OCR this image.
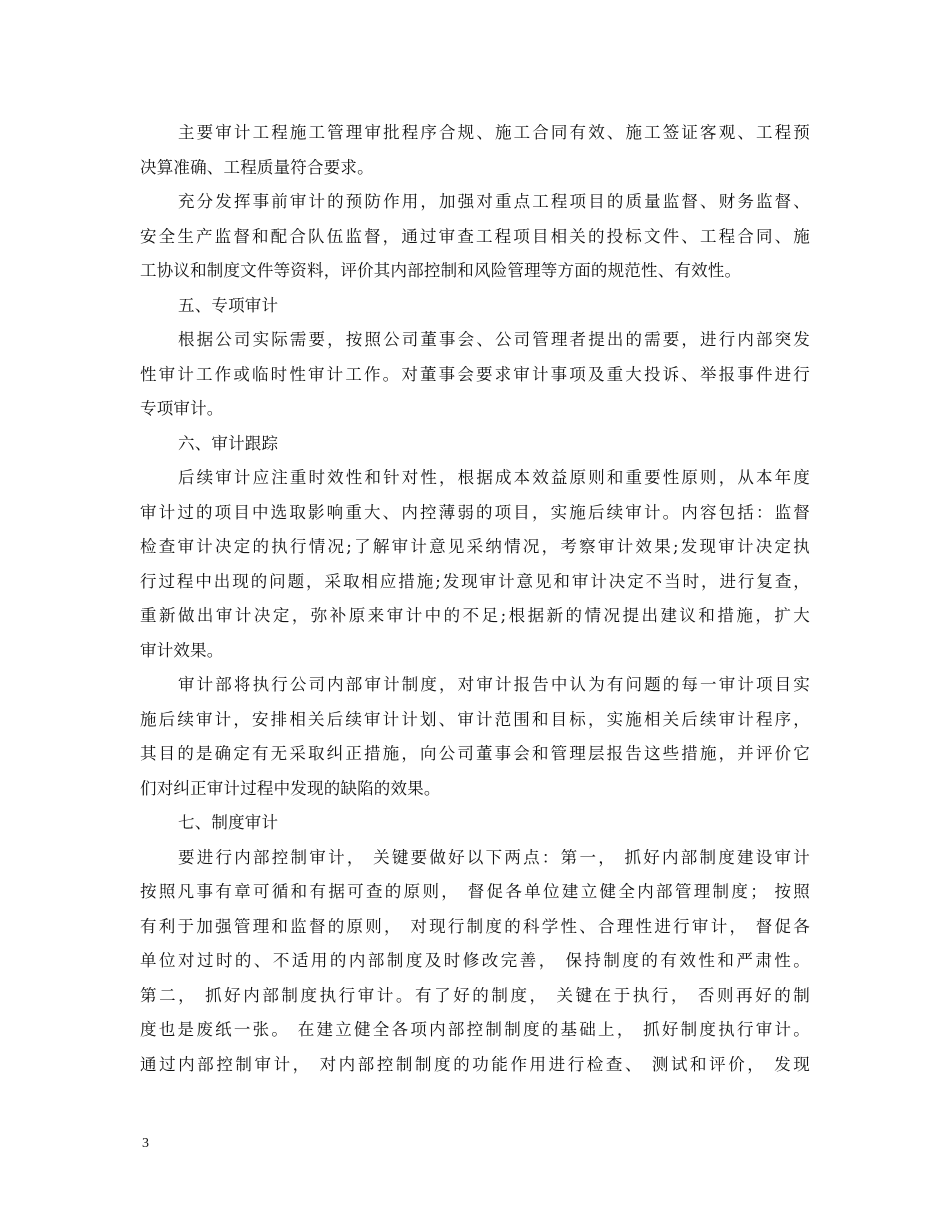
主要审计工程施工管理审批程序合规、施工合同有效、施工签证客观、工程预
决算准确、工程质量符合要求。
充分发挥事前审计的预防作用，加强对重点工程项目的质量监督、财务监督、
安全生产监督和配合队伍监督，通过审查工程项目相关的投标文件、工程合同、施
工协议和制度文件等资料，评价其内部控制和风险管理等方面的规范性、有效性。
五、专项审计
根据公司实际需要，按照公司董事会、公司管理者提出的需要，进行内部突发
性审计工作或临时性审计工作。对董事会要求审计事项及重大投诉、举报事件进行
专项审计。
六、审计跟踪
后续审计应注重时效性和针对性，根据成本效益原则和重要性原则，从本年度
审计过的项目中选取影响重大、内控薄弱的项目，实施后续审计。内容包括：监督
检查审计决定的执行情况;了解审计意见采纳情况，考察审计效果;发现审计决定执
行过程中出现的问题，采取相应措施;发现审计意见和审计决定不当时，进行复查，
重新做出审计决定，弥补原来审计中的不足;根据新的情况提出建议和措施，扩大
审计效果。
审计部将执行公司内部审计制度，对审计报告中认为有问题的每一审计项目实
施后续审计，安排相关后续审计计划、审计范围和目标，实施相关后续审计程序，
其目的是确定有无采取纠正措施，向公司董事会和管理层报告这些措施，并评价它
们对纠正审计过程中发现的缺陷的效果。
七、制度审计
要进行内部控制审计， 关键要做好以下两点：第一， 抓好内部制度建设审计
按照凡事有章可循和有据可查的原则， 督促各单位建立健全内部管理制度； 按照
有利于加强管理和监督的原则， 对现行制度的科学性、合理性进行审计， 督促各
单位对过时的、不适用的内部制度及时修改完善， 保持制度的有效性和严肃性。
第二， 抓好内部制度执行审计。有了好的制度， 关键在于执行， 否则再好的制
度也是废纸一张。 在建立健全各项内部控制制度的基础上， 抓好制度执行审计。
通过内部控制审计， 对内部控制制度的功能作用进行检查、 测试和评价， 发现
3
